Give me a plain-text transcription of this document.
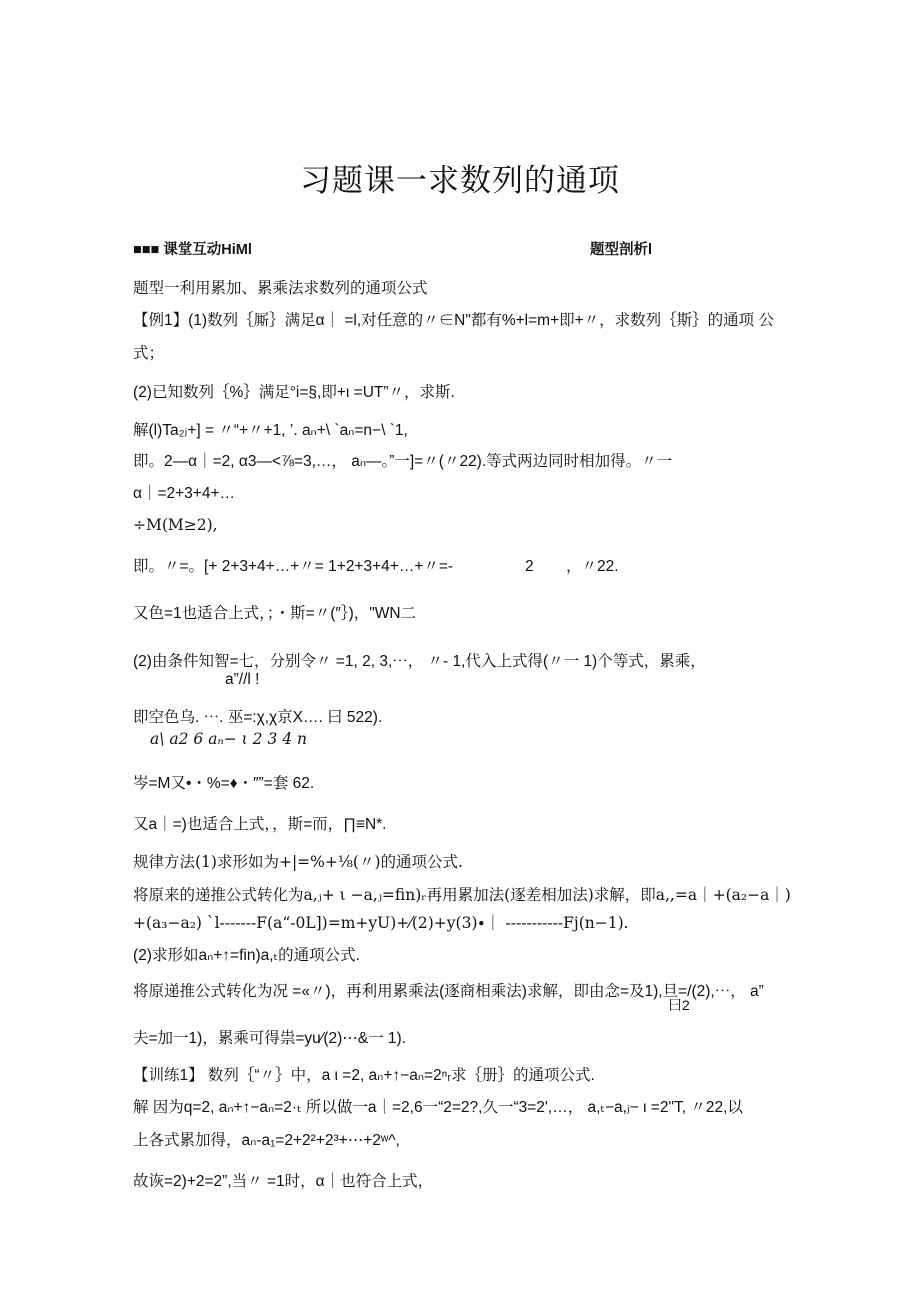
习题课一求数列的通项
■■■ 课堂互动HiMl	题型剖析l
题型一利用累加、累乘法求数列的通项公式
【例1】(1)数列｛厮｝满足α｜ =l,对任意的〃∈N"都有%+l=m+即+〃，求数列｛斯｝的通项 公
式；
(2)已知数列｛%｝满足°i=§,即+ι =UT”〃，求斯.
解(l)Ta₂ⱼ+] = 〃“+〃+1, ’. aₙ+\ `aₙ=n−\ `1,
即。2—α｜=2, α3—<⅞=3,…， aₙ—。”一]=〃(〃22).等式两边同时相加得。〃一
α｜=2+3+4+…
÷M(M≥2),
即。〃=。[+ 2+3+4+…+〃= 1+2+3+4+…+〃=-	2 ，〃22.
又色=1也适合上式，；・斯=〃(″｝)，"WN二
(2)由条件知智=七，分别令〃 =1, 2, 3,⋯， 〃- 1,代入上式得(〃一 1)个等式，累乘，
a”//l !
即空色乌. ⋯. 巫=:χ,χ京X…. 曰 522).
a\ a2 6 aₙ− ι 2 3 4 n
岑=M又•・%=♦・″”=套 62.
又a｜=)也适合上式，，斯=而，∏≡N*.
规律方法(1)求形如为+|=%+⅛(〃)的通项公式.
将原来的递推公式转化为a,ⱼ+ ι −a,ⱼ=fin)ᵣ再用累加法(逐差相加法)求解，即a,,=a｜+(a₂−a｜)
+(a₃−a₂) `l-------F(a“-0L])=m+yU)+⁄(2)+y(3)∙｜ -----------Fj(n−1).
(2)求形如aₙ+↑=fin)a,ₜ的通项公式.
将原递推公式转化为况 =«〃)，再利用累乘法(逐商相乘法)求解，即由念=及1),旦=/(2),⋯， a”
曰2
夫=加一1)，累乘可得祟=yu⁄(2)⋯&一 1).
【训练1】 数列｛“〃｝中，a ι =2, aₙ+↑−aₙ=2ⁿᵣ求｛册｝的通项公式.
解 因为q=2, aₙ+↑−aₙ=2·ₜ 所以做一a｜=2,6一“2=2?,久一“3=2',…， a,ₜ−a,ⱼ− ι =2"T, 〃22,以
上各式累加得，aₙ-a₁=2+2²+2³+⋯+2ʷ^,
故诙=2)+2=2”,当〃 =1时，α｜也符合上式，
